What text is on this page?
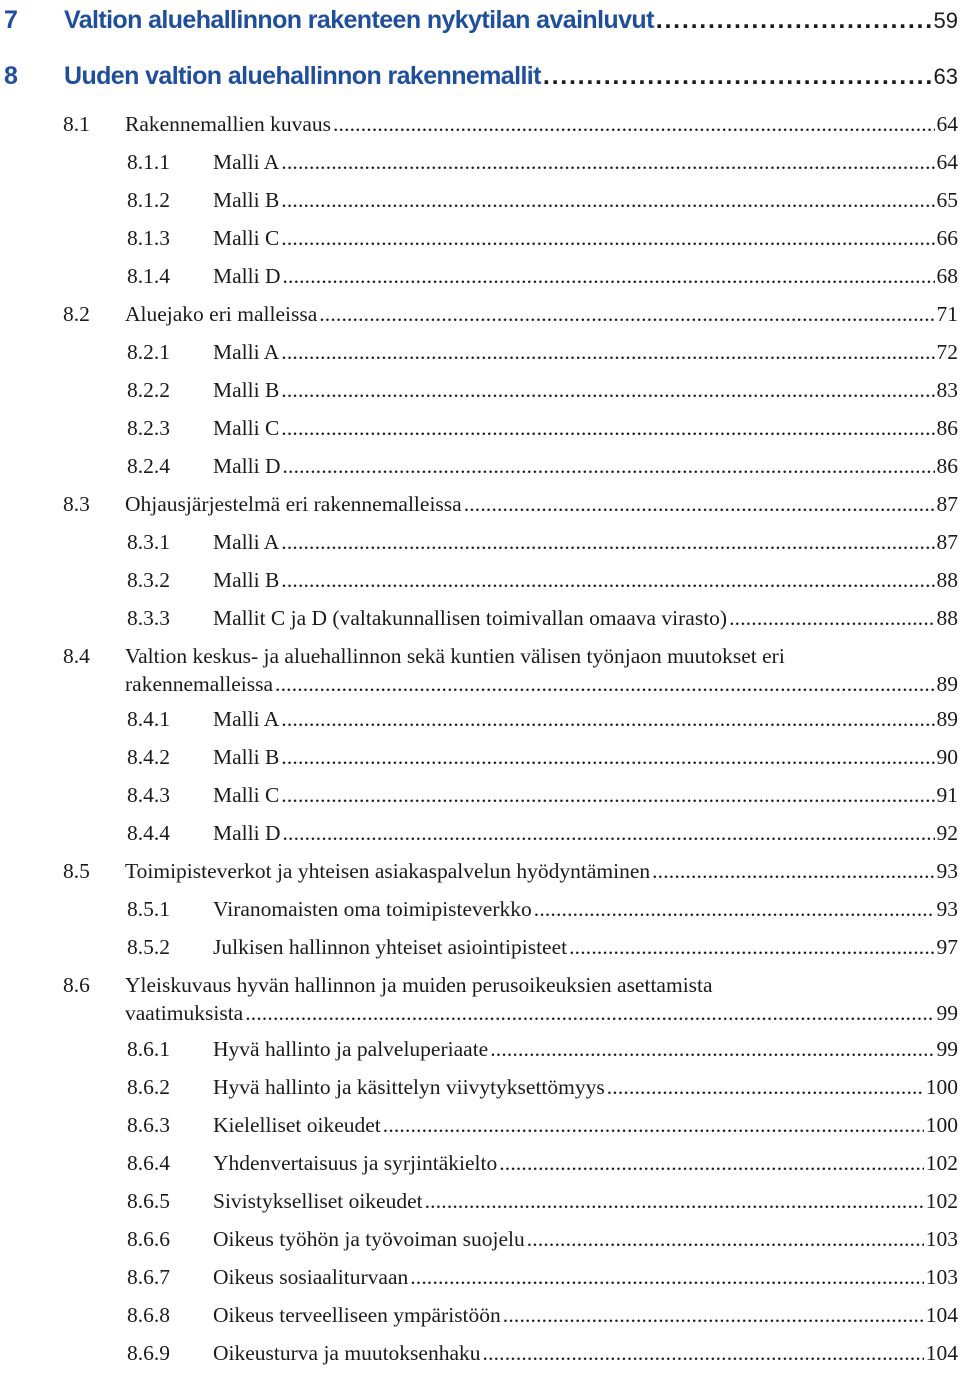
7 Valtion aluehallinnon rakenteen nykytilan avainluvut . . .	59
8 Uuden valtion aluehallinnon rakennemallit . . .	63
8.1 Rakennemallien kuvaus . . .	64
8.1.1 Malli A . . .	64
8.1.2 Malli B . . .	65
8.1.3 Malli C . . .	66
8.1.4 Malli D . . .	68
8.2 Aluejako eri malleissa . . .	71
8.2.1 Malli A . . .	72
8.2.2 Malli B . . .	83
8.2.3 Malli C . . .	86
8.2.4 Malli D . . .	86
8.3 Ohjausjärjestelmä eri rakennemalleissa . . .	87
8.3.1 Malli A . . .	87
8.3.2 Malli B . . .	88
8.3.3 Mallit C ja D (valtakunnallisen toimivallan omaava virasto) . . .	88
8.4 Valtion keskus- ja aluehallinnon sekä kuntien välisen työnjaon muutokset eri
rakennemalleissa . . .	89
8.4.1 Malli A . . .	89
8.4.2 Malli B . . .	90
8.4.3 Malli C . . .	91
8.4.4 Malli D . . .	92
8.5 Toimipisteverkot ja yhteisen asiakaspalvelun hyödyntäminen . . .	93
8.5.1 Viranomaisten oma toimipisteverkko . . .	93
8.5.2 Julkisen hallinnon yhteiset asiointipisteet . . .	97
8.6 Yleiskuvaus hyvän hallinnon ja muiden perusoikeuksien asettamista
vaatimuksista . . .	99
8.6.1 Hyvä hallinto ja palveluperiaate . . .	99
8.6.2 Hyvä hallinto ja käsittelyn viivytyksettömyys . . .	100
8.6.3 Kielelliset oikeudet . . .	100
8.6.4 Yhdenvertaisuus ja syrjintäkielto . . .	102
8.6.5 Sivistykselliset oikeudet . . .	102
8.6.6 Oikeus työhön ja työvoiman suojelu . . .	103
8.6.7 Oikeus sosiaaliturvaan . . .	103
8.6.8 Oikeus terveelliseen ympäristöön . . .	104
8.6.9 Oikeusturva ja muutoksenhaku . . .	104
